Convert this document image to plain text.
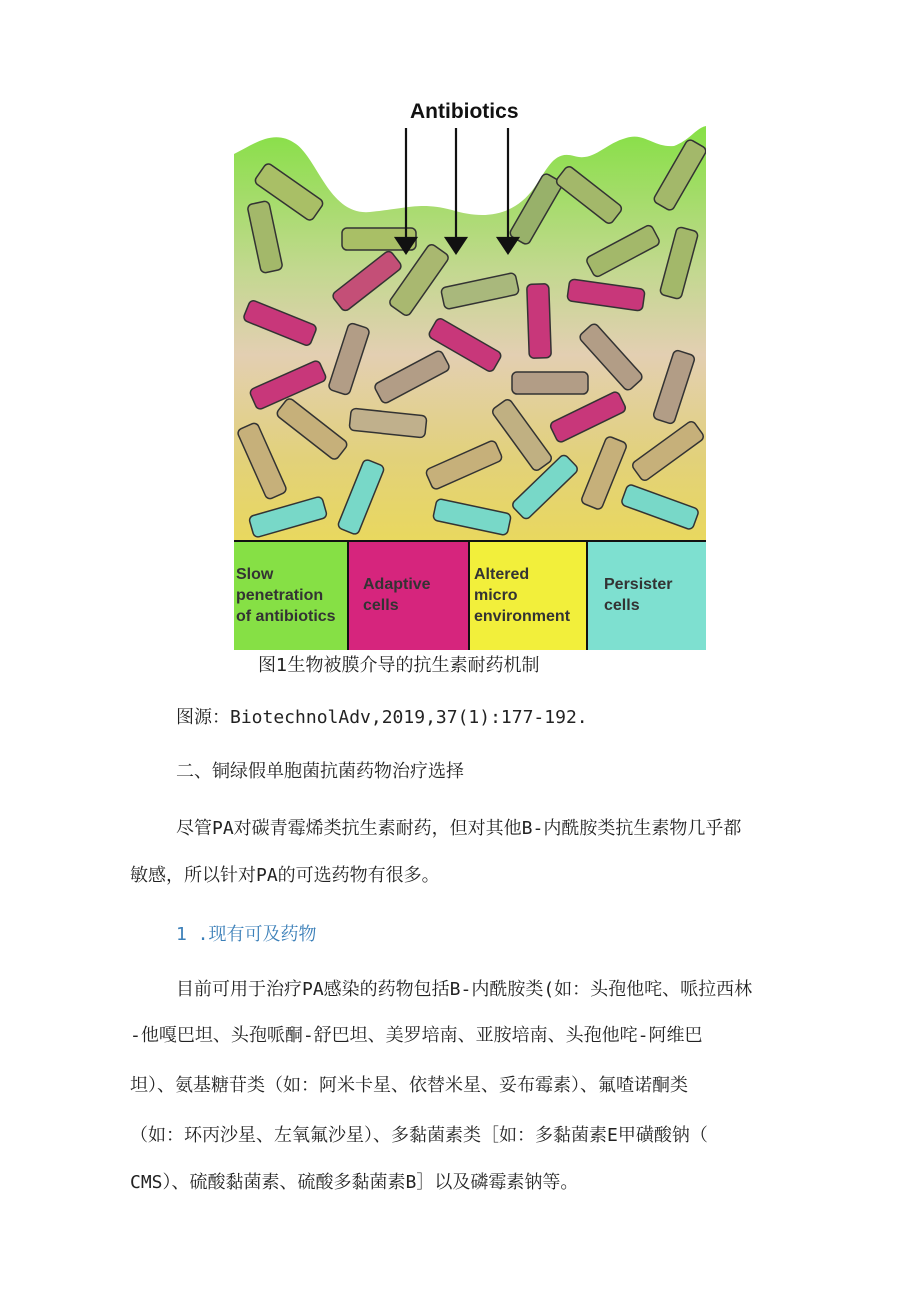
Antibiotics
Slow
penetration
of antibiotics
Adaptive
cells
Altered
micro
environment
Persister
cells
图1生物被膜介导的抗生素耐药机制
图源：BiotechnolAdv,2019,37(1):177-192.
二、铜绿假单胞菌抗菌药物治疗选择
尽管PA对碳青霉烯类抗生素耐药，但对其他B-内酰胺类抗生素物几乎都
敏感，所以针对PA的可选药物有很多。
1 .现有可及药物
目前可用于治疗PA感染的药物包括B-内酰胺类(如：头孢他咤、哌拉西林
-他嘎巴坦、头孢哌酮-舒巴坦、美罗培南、亚胺培南、头孢他咤-阿维巴
坦）、氨基糖苷类（如：阿米卡星、依替米星、妥布霉素）、氟喳诺酮类
（如：环丙沙星、左氧氟沙星）、多黏菌素类［如：多黏菌素E甲磺酸钠（
CMS）、硫酸黏菌素、硫酸多黏菌素B］以及磷霉素钠等。
